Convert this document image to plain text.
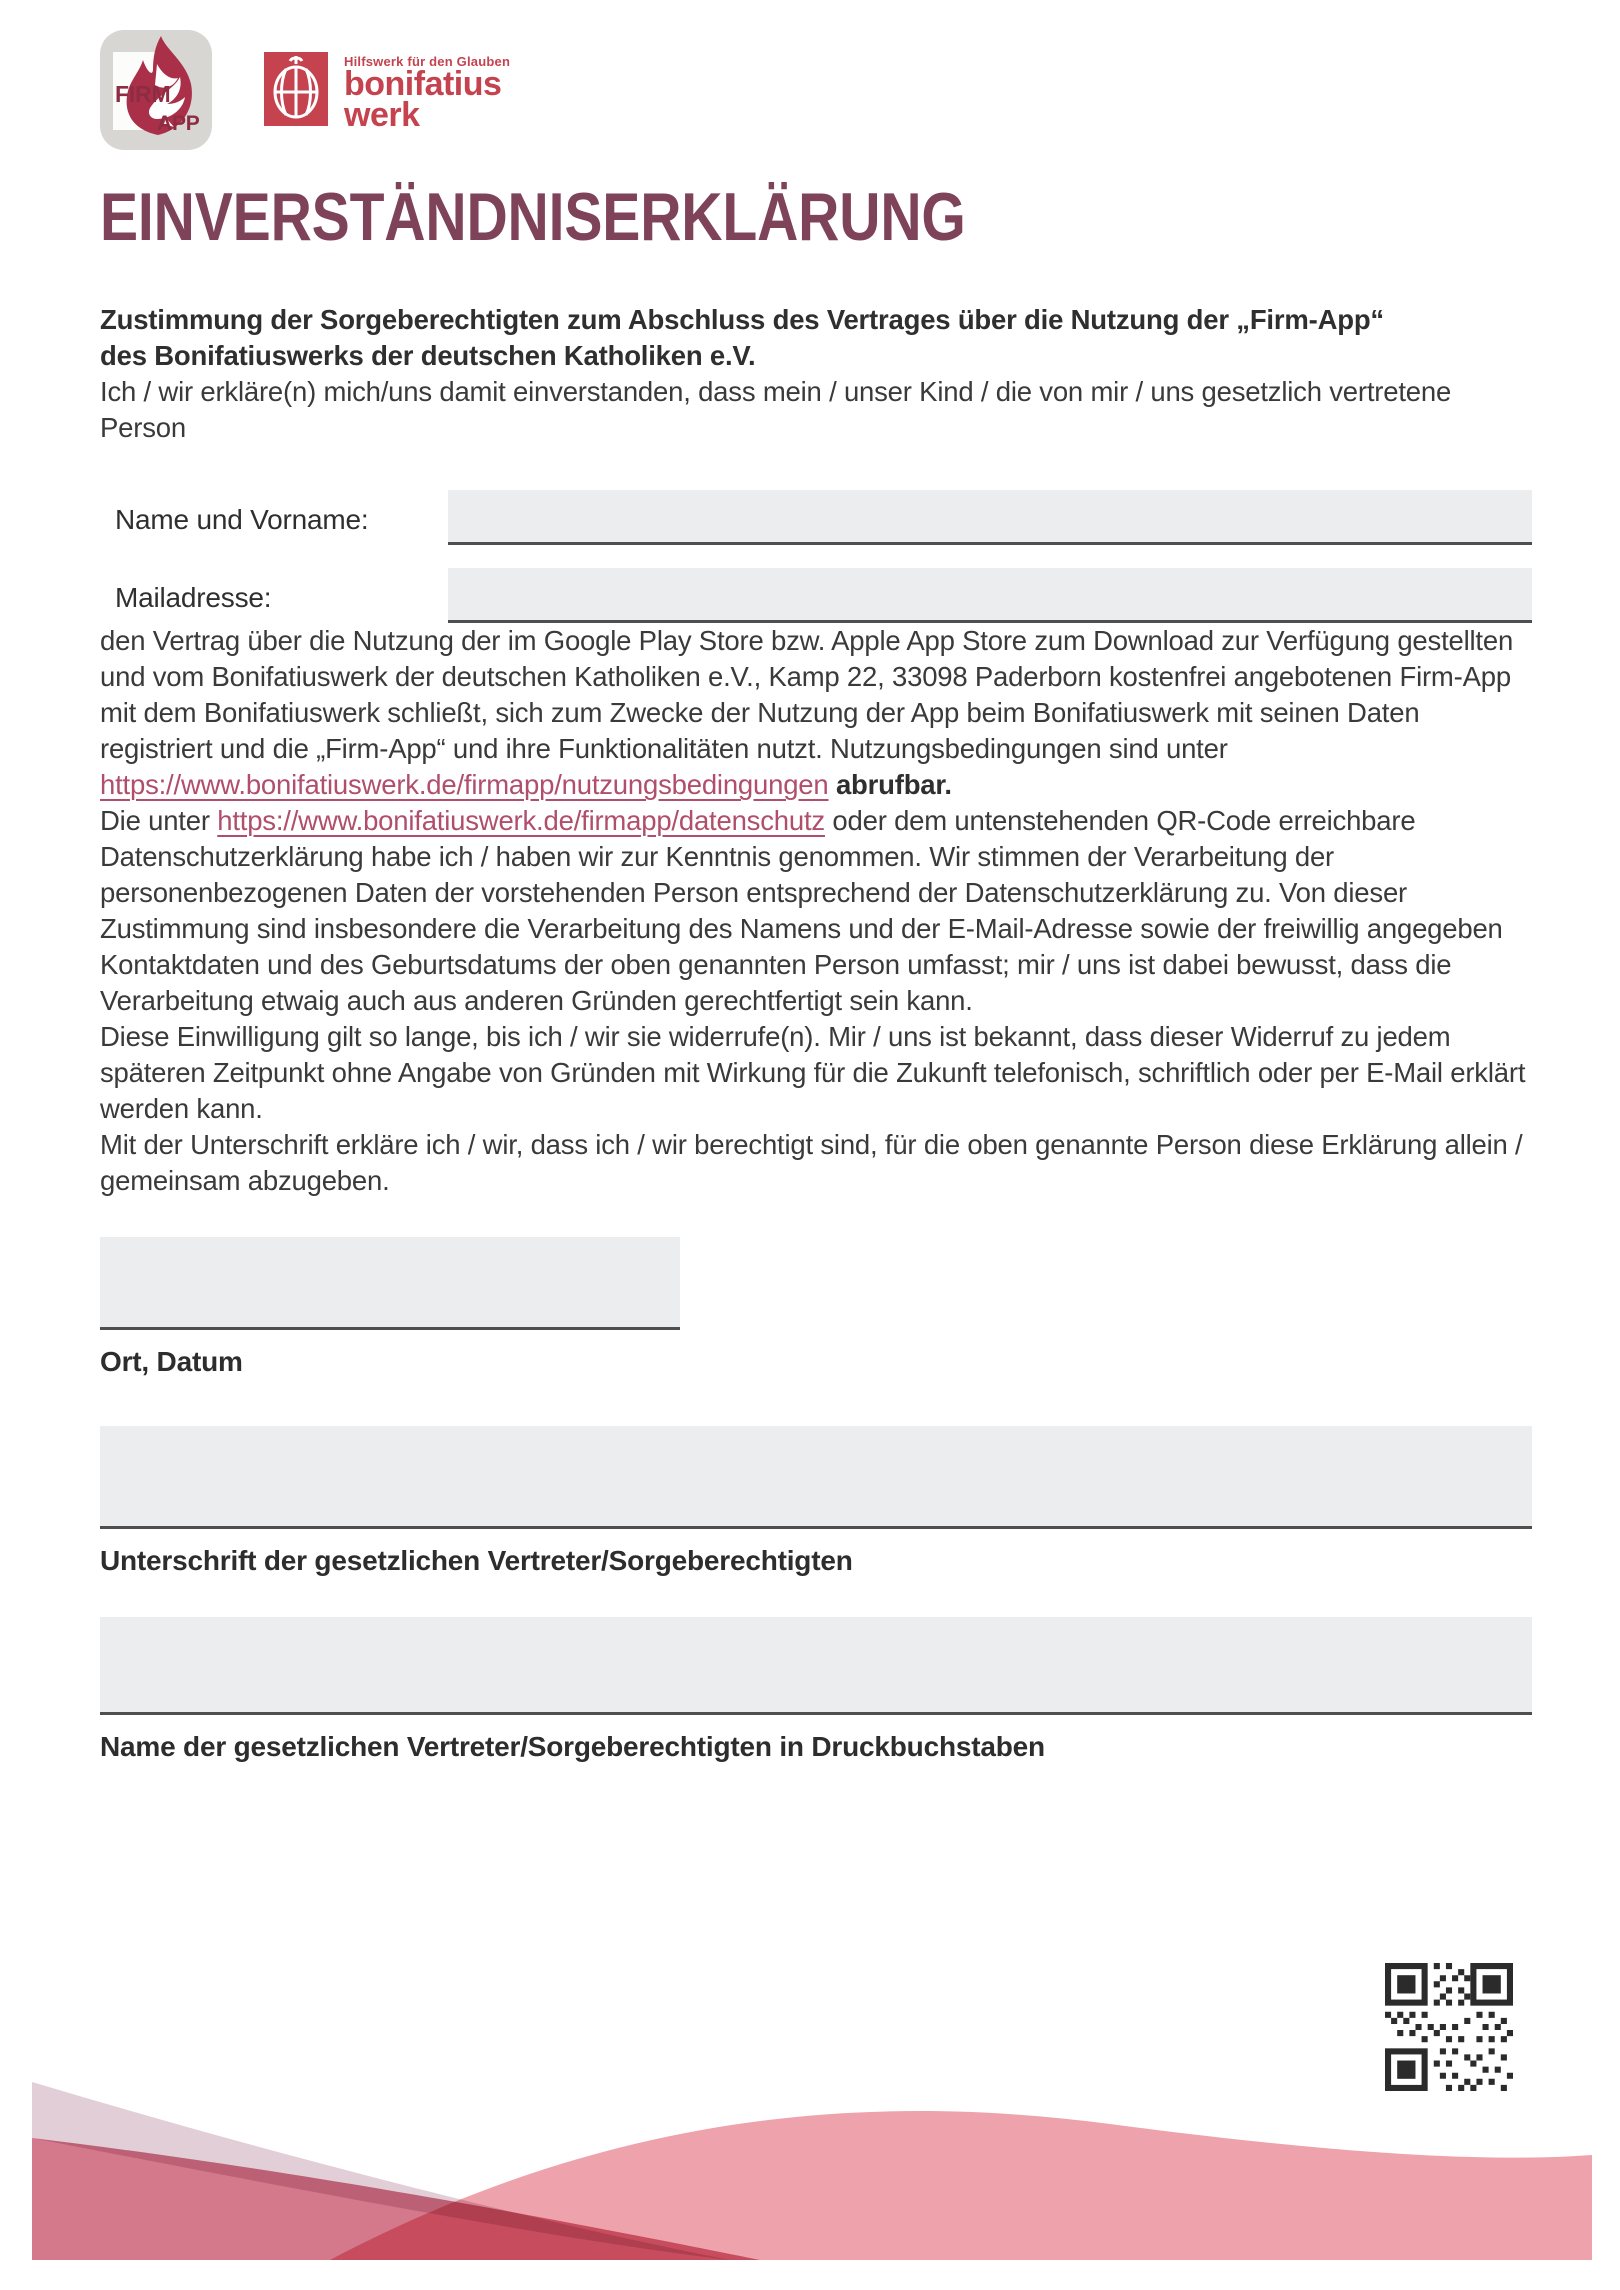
FIRM
APP
Hilfswerk für den Glauben
bonifatius
werk
EINVERSTÄNDNISERKLÄRUNG

Zustimmung der Sorgeberechtigten zum Abschluss des Vertrages über die Nutzung der „Firm-App“
des Bonifatiuswerks der deutschen Katholiken e.V.

Ich / wir erkläre(n) mich/uns damit einverstanden, dass mein / unser Kind / die von mir / uns gesetzlich vertretene Person

Name und Vorname:
Mailadresse:

den Vertrag über die Nutzung der im Google Play Store bzw. Apple App Store zum Download zur Verfügung gestellten und vom Bonifatiuswerk der deutschen Katholiken e.V., Kamp 22, 33098 Paderborn kostenfrei angebotenen Firm-App mit dem Bonifatiuswerk schließt, sich zum Zwecke der Nutzung der App beim Bonifatiuswerk mit seinen Daten registriert und die „Firm-App“ und ihre Funktionalitäten nutzt. Nutzungsbedingungen sind unter https://www.bonifatiuswerk.de/firmapp/nutzungsbedingungen abrufbar.

Die unter https://www.bonifatiuswerk.de/firmapp/datenschutz oder dem untenstehenden QR-Code erreichbare Datenschutzerklärung habe ich / haben wir zur Kenntnis genommen. Wir stimmen der Verarbeitung der personenbezogenen Daten der vorstehenden Person entsprechend der Datenschutzerklärung zu. Von dieser Zustimmung sind insbesondere die Verarbeitung des Namens und der E-Mail-Adresse sowie der freiwillig angegeben Kontaktdaten und des Geburtsdatums der oben genannten Person umfasst; mir / uns ist dabei bewusst, dass die Verarbeitung etwaig auch aus anderen Gründen gerechtfertigt sein kann.

Diese Einwilligung gilt so lange, bis ich / wir sie widerrufe(n). Mir / uns ist bekannt, dass dieser Widerruf zu jedem späteren Zeitpunkt ohne Angabe von Gründen mit Wirkung für die Zukunft telefonisch, schriftlich oder per E-Mail erklärt werden kann.

Mit der Unterschrift erkläre ich / wir, dass ich / wir berechtigt sind, für die oben genannte Person diese Erklärung allein / gemeinsam abzugeben.

Ort, Datum
Unterschrift der gesetzlichen Vertreter/Sorgeberechtigten
Name der gesetzlichen Vertreter/Sorgeberechtigten in Druckbuchstaben
